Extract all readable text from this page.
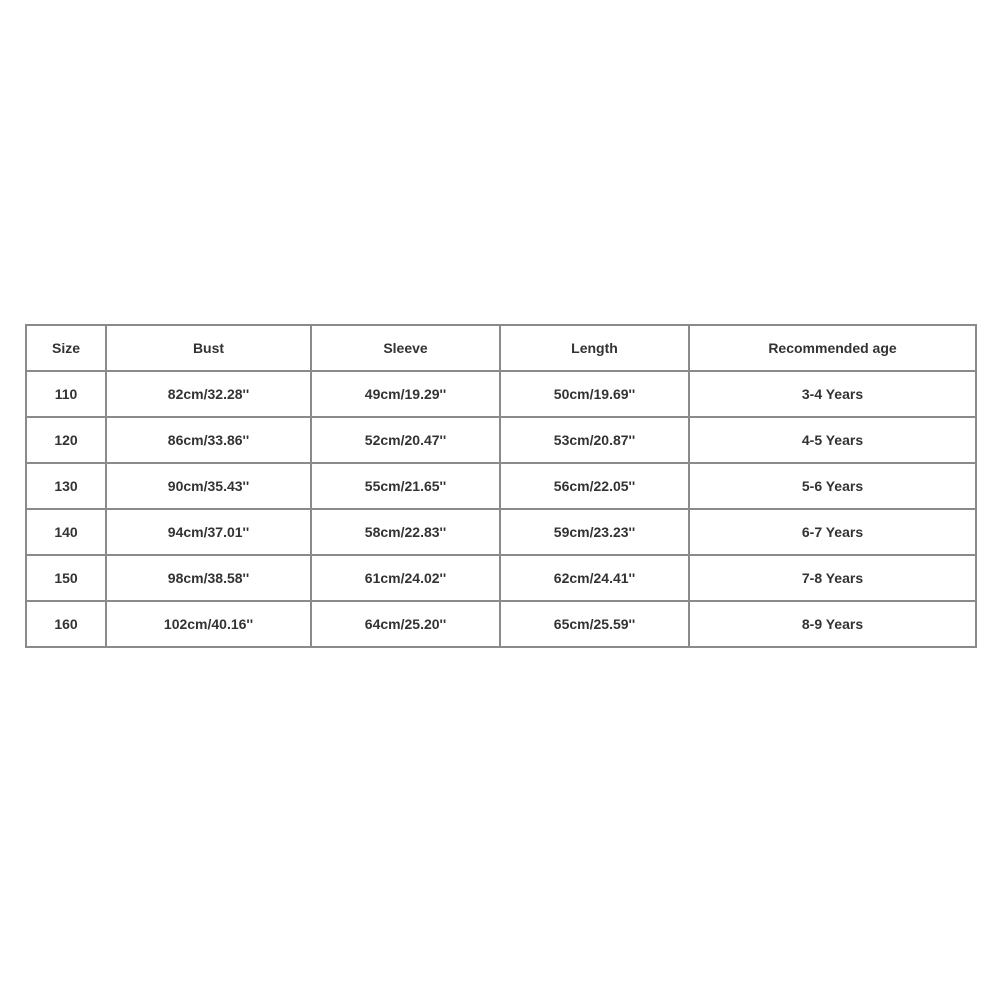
Size	Bust	Sleeve	Length	Recommended age
110	82cm/32.28''	49cm/19.29''	50cm/19.69''	3-4 Years
120	86cm/33.86''	52cm/20.47''	53cm/20.87''	4-5 Years
130	90cm/35.43''	55cm/21.65''	56cm/22.05''	5-6 Years
140	94cm/37.01''	58cm/22.83''	59cm/23.23''	6-7 Years
150	98cm/38.58''	61cm/24.02''	62cm/24.41''	7-8 Years
160	102cm/40.16''	64cm/25.20''	65cm/25.59''	8-9 Years
